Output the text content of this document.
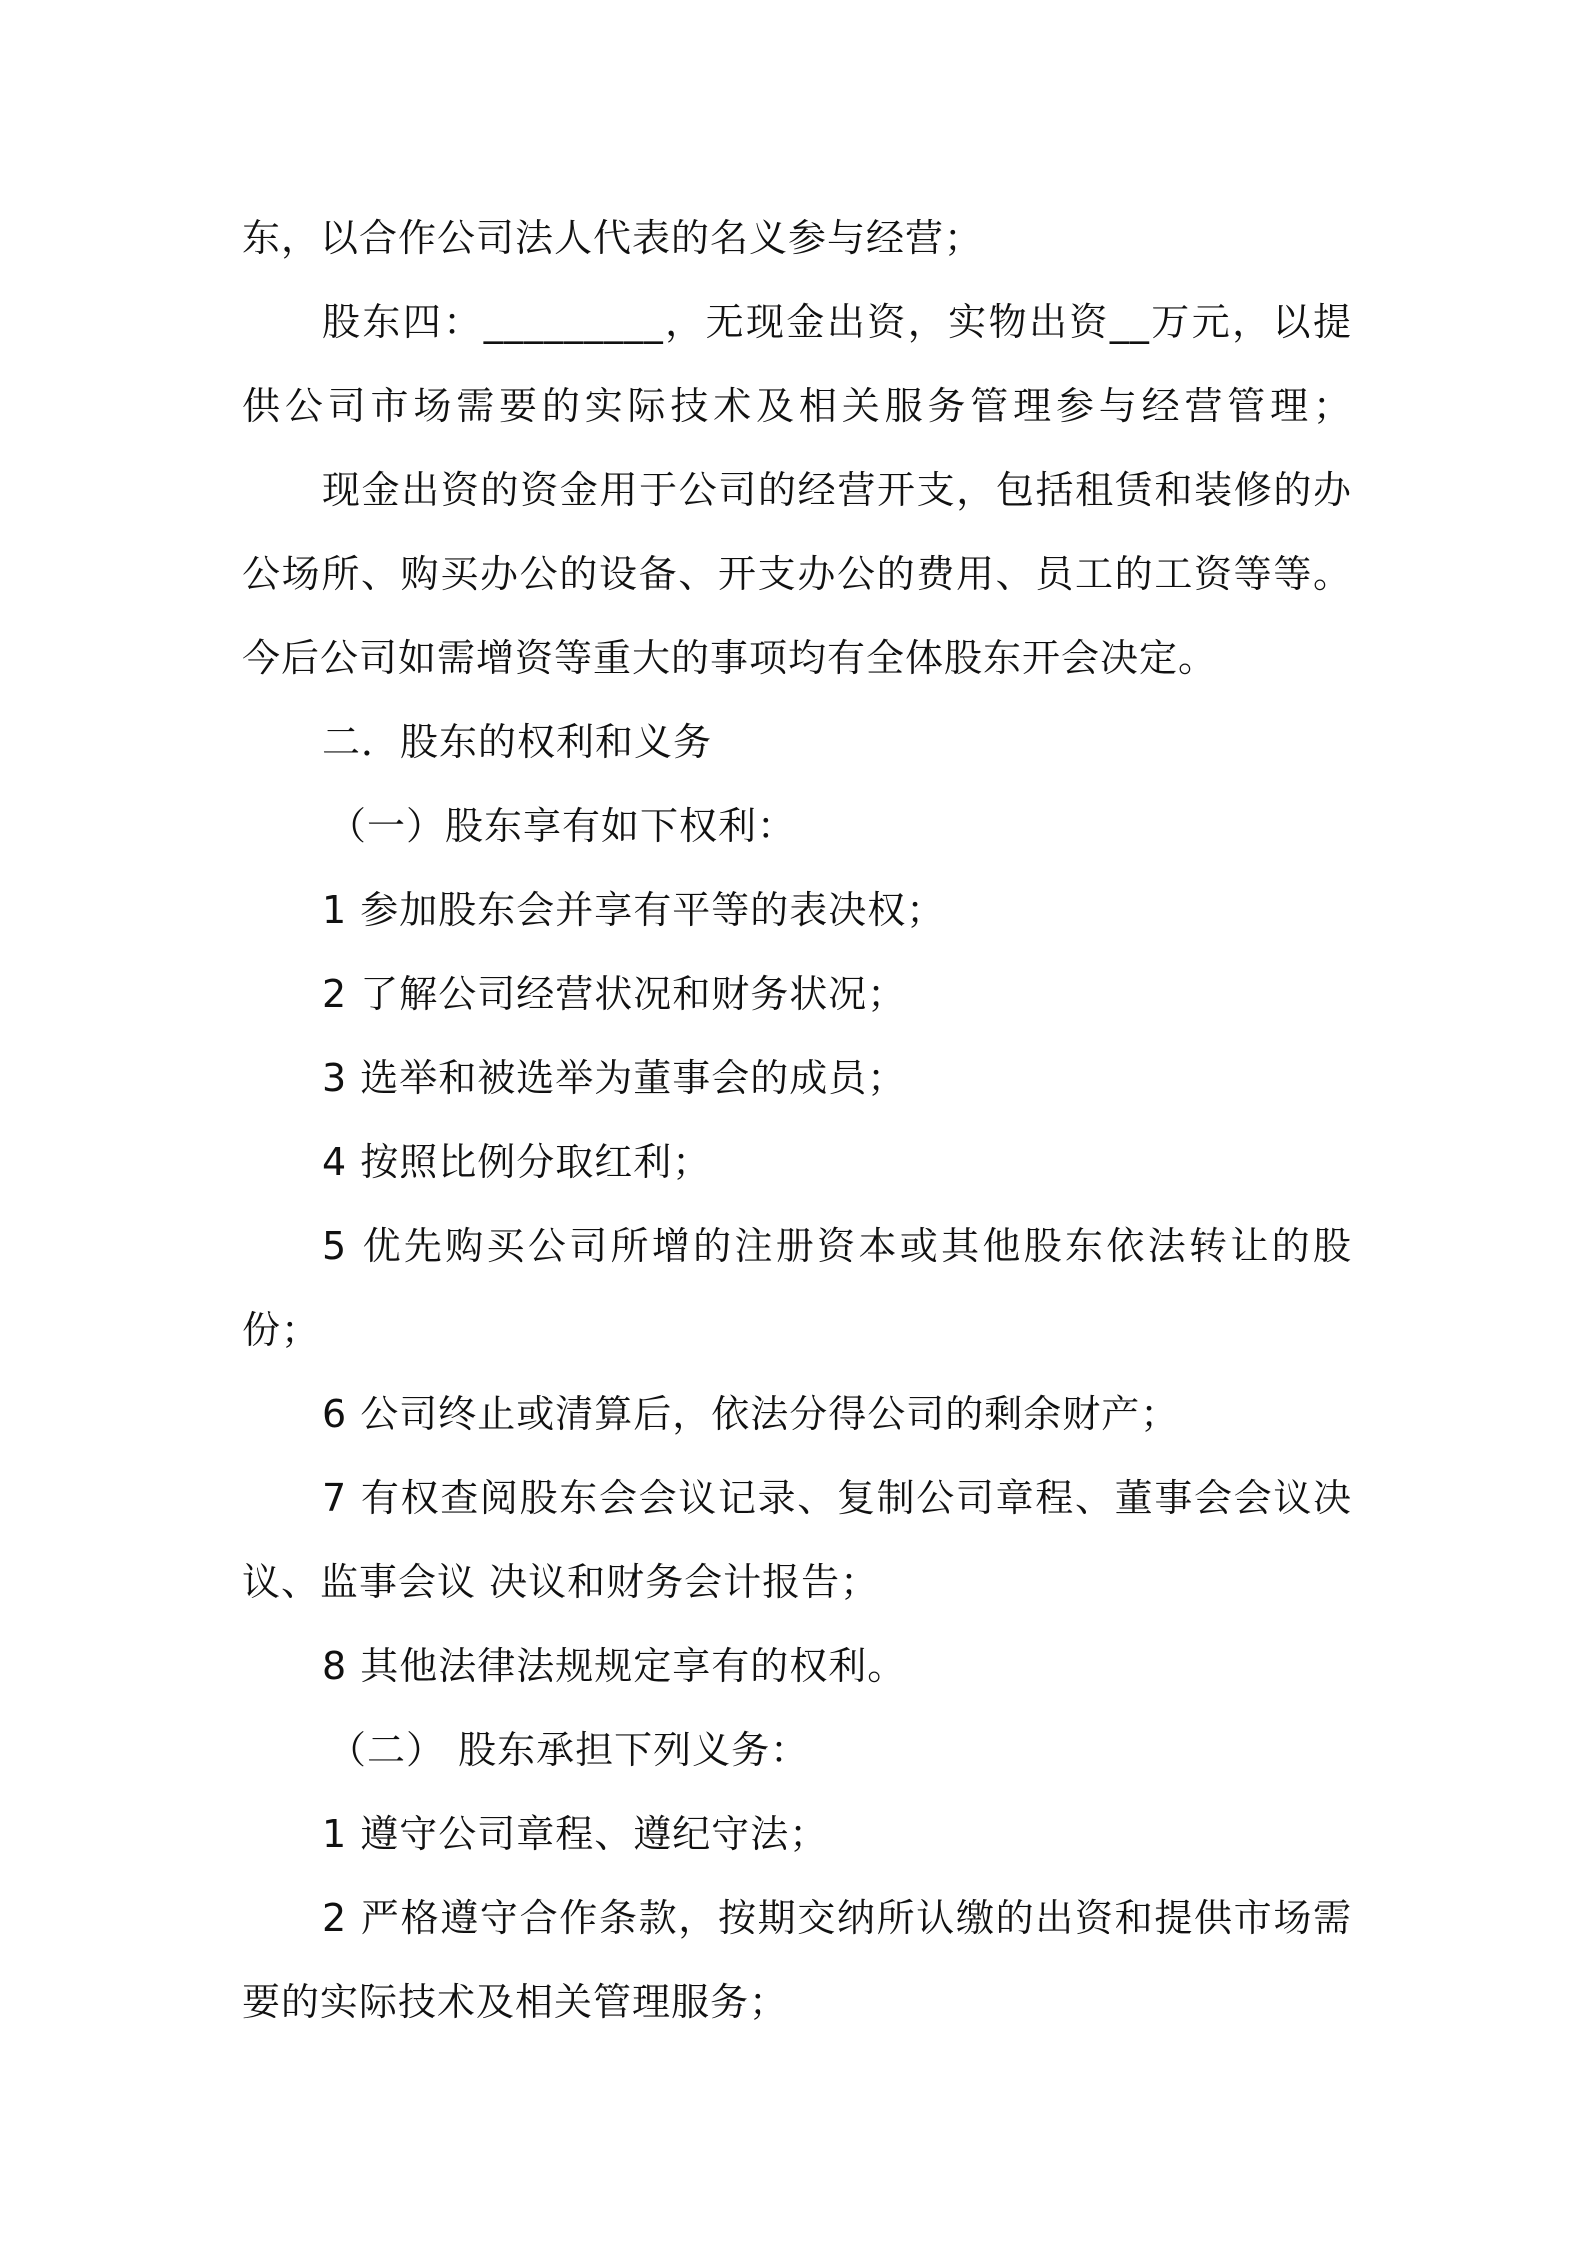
东，以合作公司法人代表的名义参与经营；
股东四：_________，无现金出资，实物出资__万元，以提
供公司市场需要的实际技术及相关服务管理参与经营管理；
现金出资的资金用于公司的经营开支，包括租赁和装修的办
公场所、购买办公的设备、开支办公的费用、员工的工资等等。
今后公司如需增资等重大的事项均有全体股东开会决定。
二．股东的权利和义务
（一）股东享有如下权利：
1 参加股东会并享有平等的表决权；
2 了解公司经营状况和财务状况；
3 选举和被选举为董事会的成员；
4 按照比例分取红利；
5 优先购买公司所增的注册资本或其他股东依法转让的股
份；
6 公司终止或清算后，依法分得公司的剩余财产；
7 有权查阅股东会会议记录、复制公司章程、董事会会议决
议、监事会议 决议和财务会计报告；
8 其他法律法规规定享有的权利。
（二） 股东承担下列义务：
1 遵守公司章程、遵纪守法；
2 严格遵守合作条款，按期交纳所认缴的出资和提供市场需
要的实际技术及相关管理服务；
